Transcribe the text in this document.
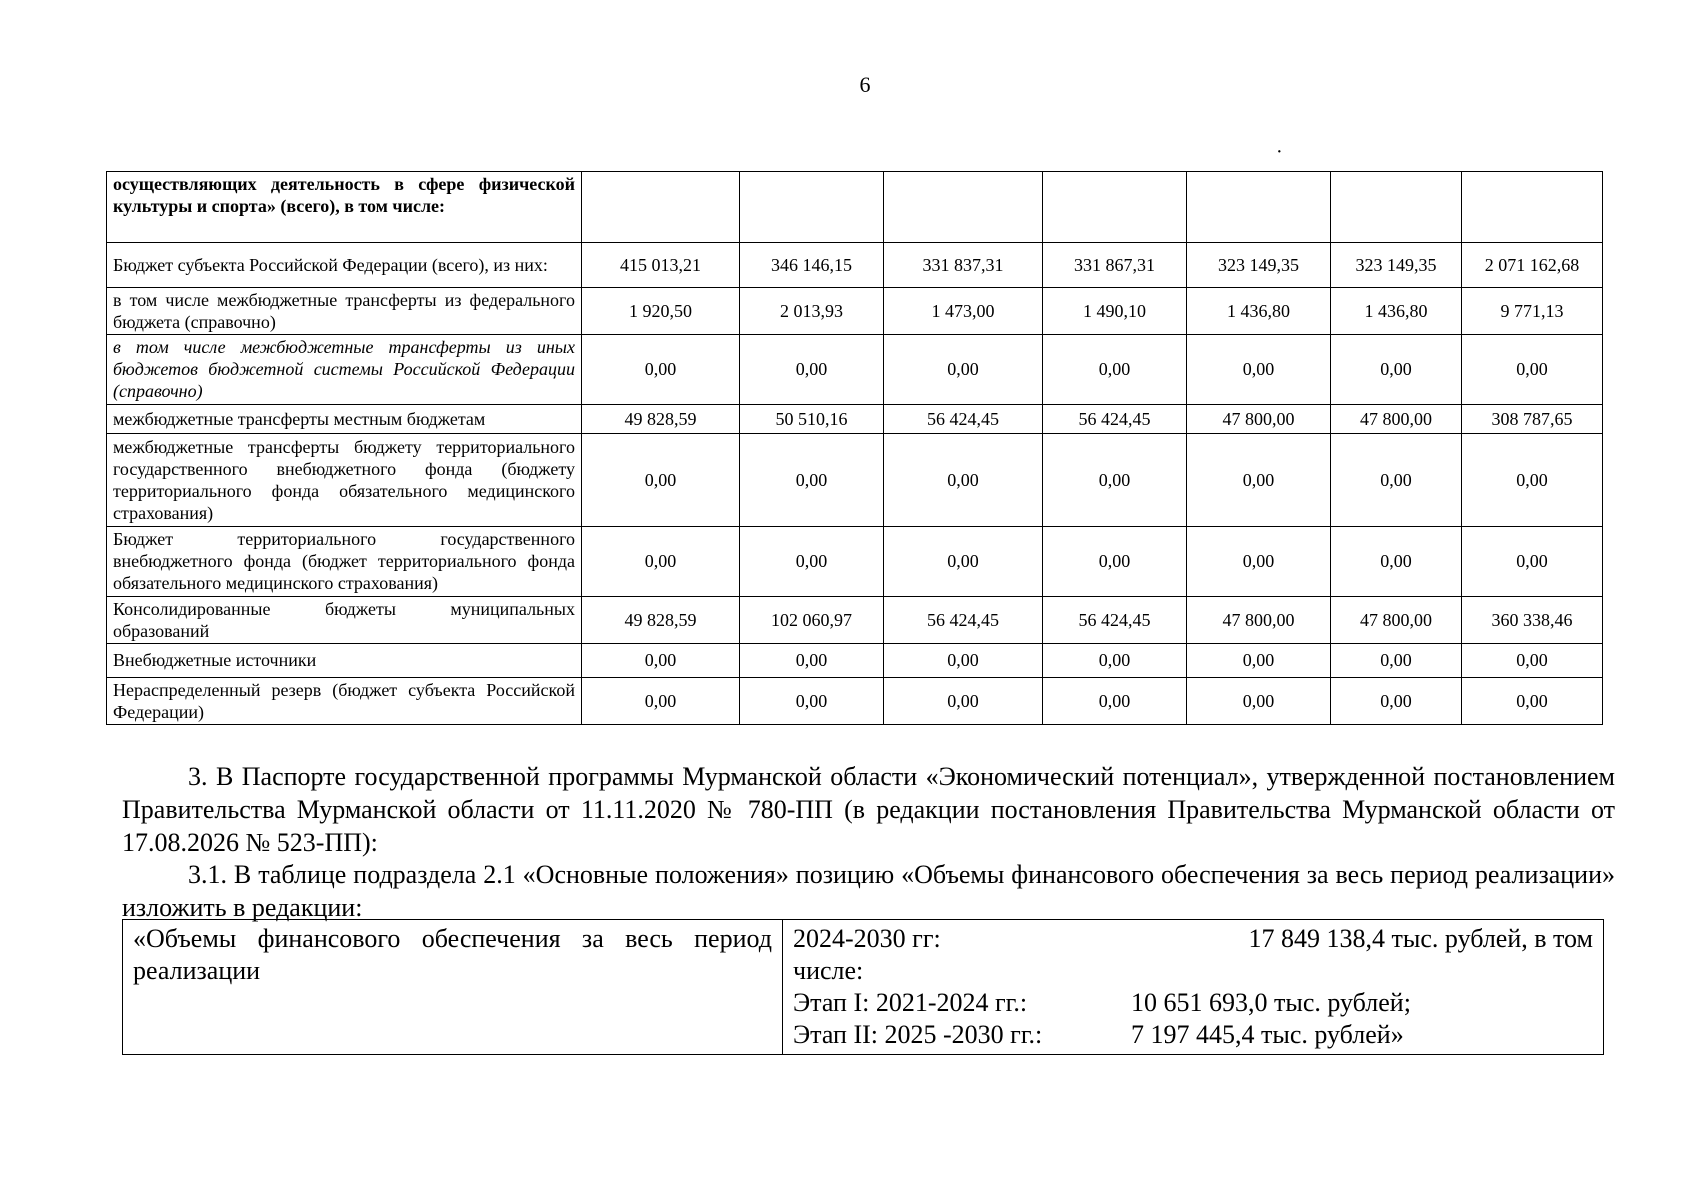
6
·
осуществляющих деятельность в сфере физической культуры и спорта» (всего), в том числе:							
Бюджет субъекта Российской Федерации (всего), из них:	415 013,21	346 146,15	331 837,31	331 867,31	323 149,35	323 149,35	2 071 162,68
в том числе межбюджетные трансферты из федерального бюджета (справочно)	1 920,50	2 013,93	1 473,00	1 490,10	1 436,80	1 436,80	9 771,13
в том числе межбюджетные трансферты из иных бюджетов бюджетной системы Российской Федерации (справочно)	0,00	0,00	0,00	0,00	0,00	0,00	0,00
межбюджетные трансферты местным бюджетам	49 828,59	50 510,16	56 424,45	56 424,45	47 800,00	47 800,00	308 787,65
межбюджетные трансферты бюджету территориального государственного внебюджетного фонда (бюджету территориального фонда обязательного медицинского страхования)	0,00	0,00	0,00	0,00	0,00	0,00	0,00
Бюджет территориального государственного внебюджетного фонда (бюджет территориального фонда обязательного медицинского страхования)	0,00	0,00	0,00	0,00	0,00	0,00	0,00
Консолидированные бюджеты муниципальных образований	49 828,59	102 060,97	56 424,45	56 424,45	47 800,00	47 800,00	360 338,46
Внебюджетные источники	0,00	0,00	0,00	0,00	0,00	0,00	0,00
Нераспределенный резерв (бюджет субъекта Российской Федерации)	0,00	0,00	0,00	0,00	0,00	0,00	0,00
3. В Паспорте государственной программы Мурманской области «Экономический потенциал», утвержденной постановлением Правительства Мурманской области от 11.11.2020 № 780-ПП (в редакции постановления Правительства Мурманской области от 17.08.2026 № 523-ПП):
3.1. В таблице подраздела 2.1 «Основные положения» позицию «Объемы финансового обеспечения за весь период реализации» изложить в редакции:
«Объемы финансового обеспечения за весь период реализации	
2024-2030 гг:	17 849 138,4 тыс. рублей, в том
числе:
Этап I: 2021-2024 гг.:	10 651 693,0 тыс. рублей;
Этап II: 2025 -2030 гг.:	7 197 445,4 тыс. рублей»
